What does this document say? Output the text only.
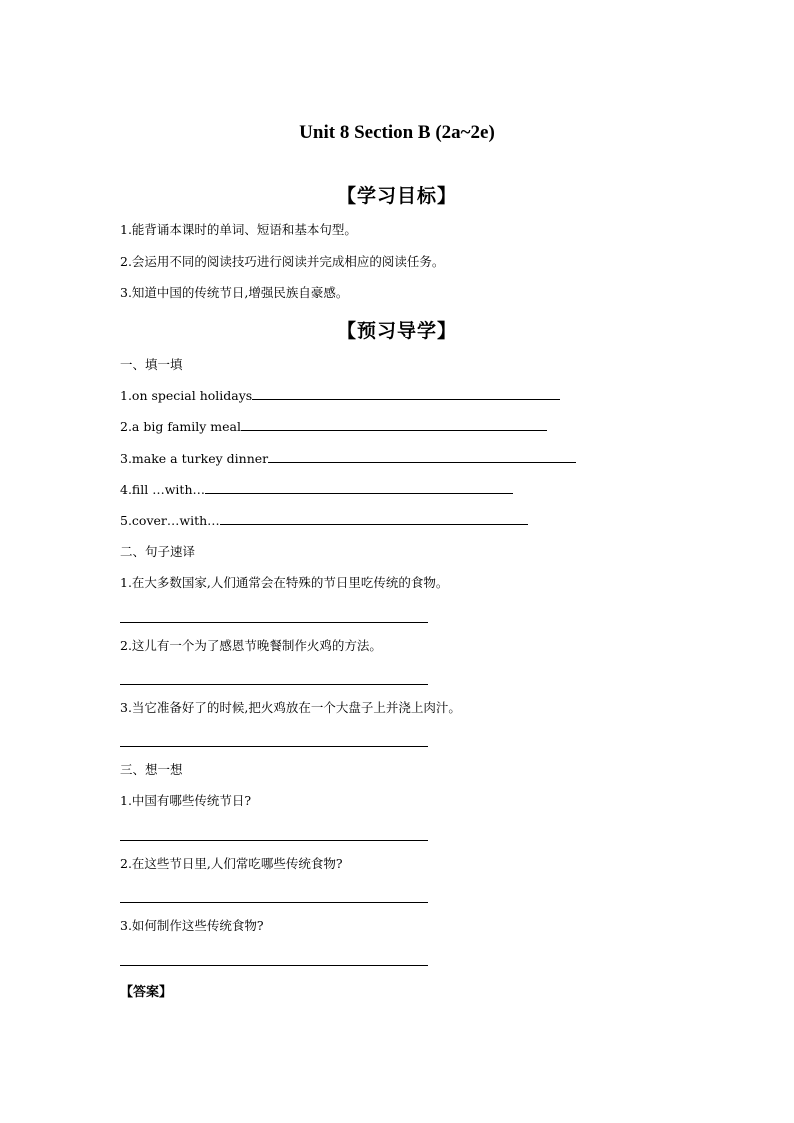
Unit 8 Section B (2a~2e)
【学习目标】
1.能背诵本课时的单词、短语和基本句型。
2.会运用不同的阅读技巧进行阅读并完成相应的阅读任务。
3.知道中国的传统节日,增强民族自豪感。
【预习导学】
一、填一填
1.on special holidays
2.a big family meal
3.make a turkey dinner
4.fill …with…
5.cover…with…
二、句子速译
1.在大多数国家,人们通常会在特殊的节日里吃传统的食物。
2.这儿有一个为了感恩节晚餐制作火鸡的方法。
3.当它准备好了的时候,把火鸡放在一个大盘子上并浇上肉汁。
三、想一想
1.中国有哪些传统节日?
2.在这些节日里,人们常吃哪些传统食物?
3.如何制作这些传统食物?
【答案】
